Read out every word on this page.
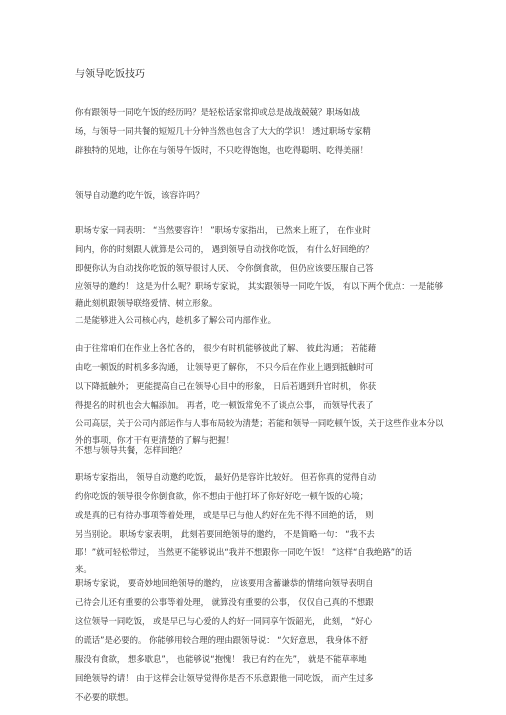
与领导吃饭技巧
你有跟领导一同吃午饭的经历吗？是轻松话家常抑或总是战战兢兢？职场如战
场，与领导一同共餐的短短几十分钟当然也包含了大大的学识！ 透过职场专家精
辟独特的见地，让你在与领导午饭时，不只吃得饱饱，也吃得聪明、吃得美丽！
领导自动邀约吃午饭，该容许吗？
职场专家一同表明： “当然要容许！ ”职场专家指出， 已然来上班了， 在作业时
间内，你的时刻跟人就算是公司的， 遇到领导自动找你吃饭， 有什么好回绝的？
即便你认为自动找你吃饭的领导很讨人厌、 令你倒食欲， 但仍应该要压服自己答
应领导的邀约！ 这是为什么呢？职场专家说， 其实跟领导一同吃午饭， 有以下两个优点：一是能够
藉此刻机跟领导联络爱情、树立形象。
二是能够进入公司核心内，趁机多了解公司内部作业。
由于往常咱们在作业上各忙各的， 很少有时机能够彼此了解、 彼此沟通； 若能藉
由吃一顿饭的时机多多沟通， 让领导更了解你， 不只今后在作业上遇到抵触时可
以下降抵触外； 更能提高自己在领导心目中的形象， 日后若遇到升官时机， 你获
得提名的时机也会大幅添加。 再者，吃一顿饭常免不了谈点公事， 而领导代表了
公司高层，关于公司内部运作与人事布局较为清楚；若能和领导一同吃顿午饭，关于这些作业本分以
外的事项，你才干有更清楚的了解与把握！
不想与领导共餐，怎样回绝？
职场专家指出， 领导自动邀约吃饭， 最好仍是容许比较好。 但若你真的觉得自动
约你吃饭的领导很令你倒食欲，你不想由于他打坏了你好好吃一顿午饭的心境；
或是真的已有待办事项等着处理， 或是早已与他人约好在先不得不回绝的话， 则
另当别论。 职场专家表明， 此刻若要回绝领导的邀约， 不是简略一句： “我不去
耶！”就可轻松带过， 当然更不能够说出“我并不想跟你一同吃午饭！ ”这样“自我绝路”的话
来。
职场专家说， 要奇妙地回绝领导的邀约， 应该要用含蓄谦恭的情绪向领导表明自
己待会儿还有重要的公事等着处理， 就算没有重要的公事， 仅仅自己真的不想跟
这位领导一同吃饭， 或是早已与心爱的人约好一同同享午饭韶光， 此刻， “好心
的谎话”是必要的。 你能够用较合理的理由跟领导说： “欠好意思， 我身体不舒
服没有食欲， 想多歇息”， 也能够说“抱愧！ 我已有约在先”， 就是不能草率地
回绝领导约请！ 由于这样会让领导觉得你是否不乐意跟他一同吃饭， 而产生过多
不必要的联想。
